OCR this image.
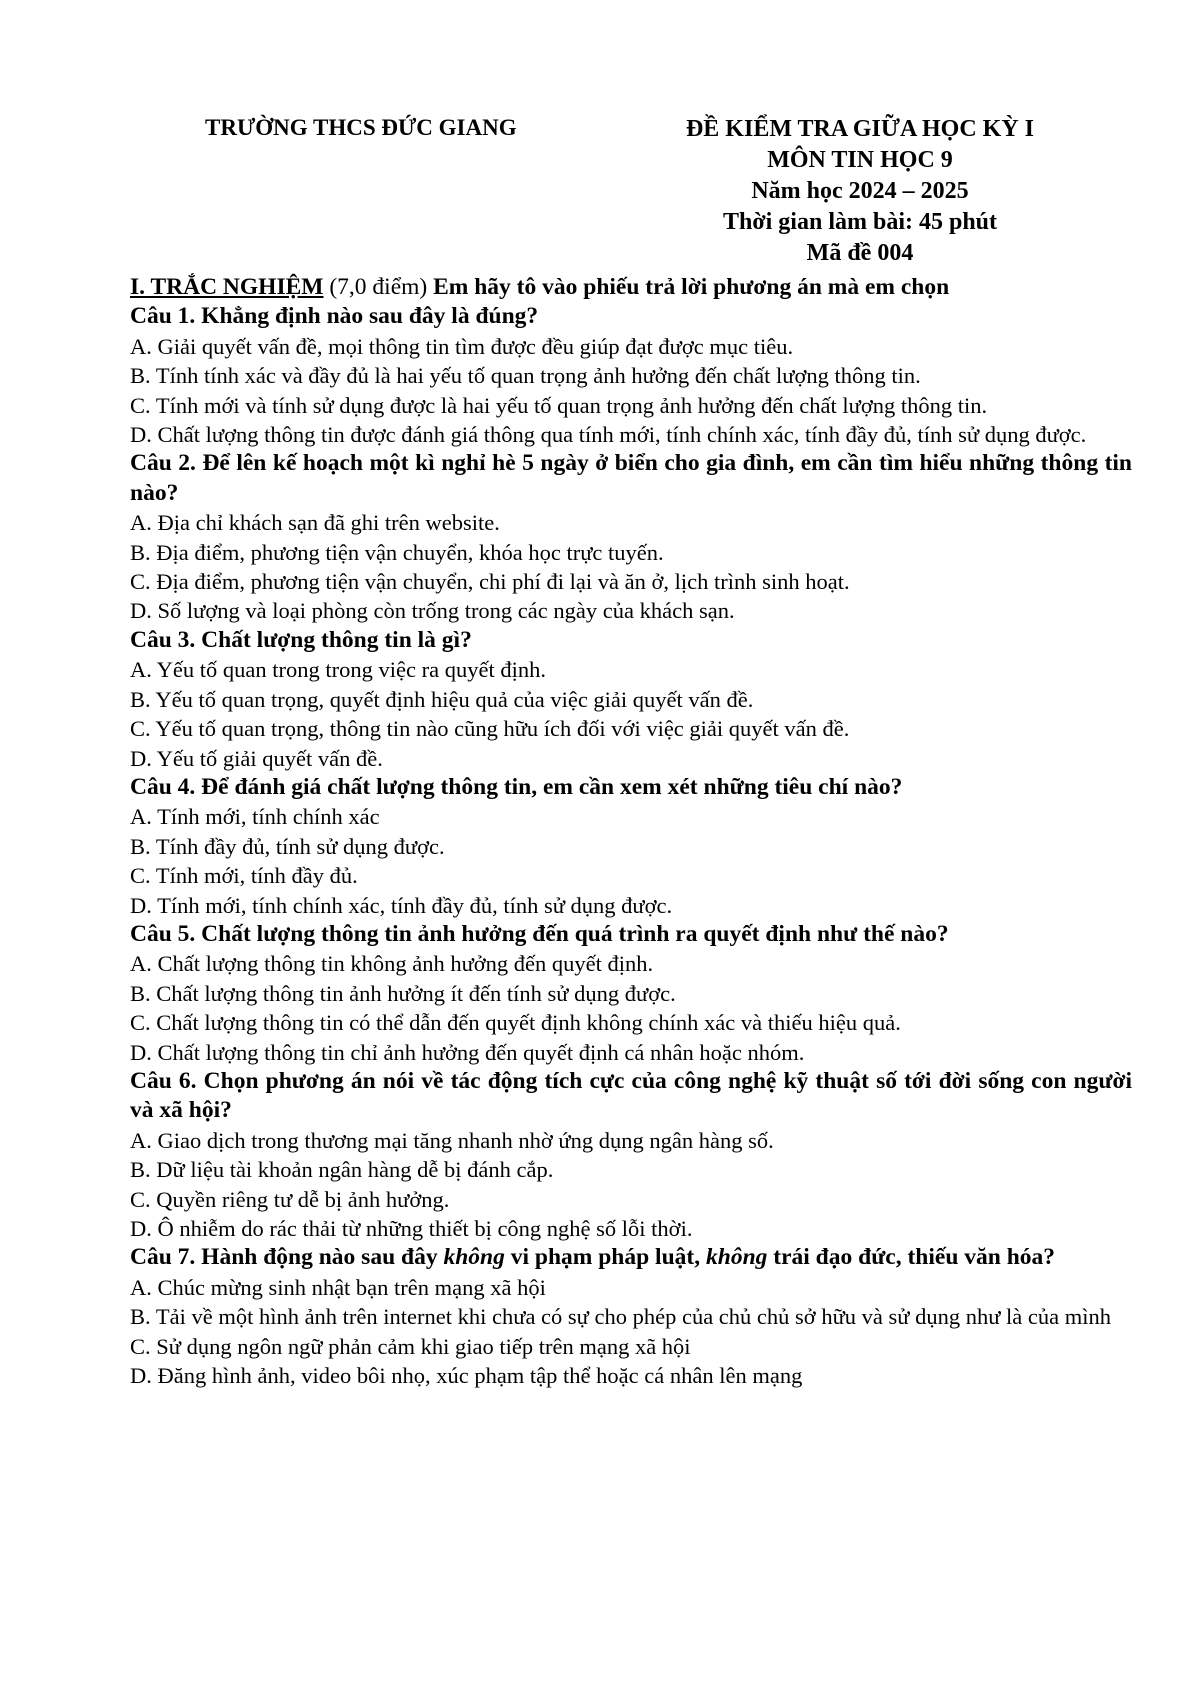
TRƯỜNG THCS ĐỨC GIANG	ĐỀ KIỂM TRA GIỮA HỌC KỲ I
MÔN TIN HỌC 9
Năm học 2024 – 2025
Thời gian làm bài: 45 phút
Mã đề 004
I. TRẮC NGHIỆM (7,0 điểm) Em hãy tô vào phiếu trả lời phương án mà em chọn
Câu 1. Khẳng định nào sau đây là đúng?
A. Giải quyết vấn đề, mọi thông tin tìm được đều giúp đạt được mục tiêu.
B. Tính tính xác và đầy đủ là hai yếu tố quan trọng ảnh hưởng đến chất lượng thông tin.
C. Tính mới và tính sử dụng được là hai yếu tố quan trọng ảnh hưởng đến chất lượng thông tin.
D. Chất lượng thông tin được đánh giá thông qua tính mới, tính chính xác, tính đầy đủ, tính sử dụng được.
Câu 2. Để lên kế hoạch một kì nghỉ hè 5 ngày ở biển cho gia đình, em cần tìm hiểu những thông tin nào?
A. Địa chỉ khách sạn đã ghi trên website.
B. Địa điểm, phương tiện vận chuyển, khóa học trực tuyến.
C. Địa điểm, phương tiện vận chuyển, chi phí đi lại và ăn ở, lịch trình sinh hoạt.
D. Số lượng và loại phòng còn trống trong các ngày của khách sạn.
Câu 3. Chất lượng thông tin là gì?
A. Yếu tố quan trong trong việc ra quyết định.
B. Yếu tố quan trọng, quyết định hiệu quả của việc giải quyết vấn đề.
C. Yếu tố quan trọng, thông tin nào cũng hữu ích đối với việc giải quyết vấn đề.
D. Yếu tố giải quyết vấn đề.
Câu 4. Để đánh giá chất lượng thông tin, em cần xem xét những tiêu chí nào?
A. Tính mới, tính chính xác
B. Tính đầy đủ, tính sử dụng được.
C. Tính mới, tính đầy đủ.
D. Tính mới, tính chính xác, tính đầy đủ, tính sử dụng được.
Câu 5. Chất lượng thông tin ảnh hưởng đến quá trình ra quyết định như thế nào?
A. Chất lượng thông tin không ảnh hưởng đến quyết định.
B. Chất lượng thông tin ảnh hưởng ít đến tính sử dụng được.
C. Chất lượng thông tin có thể dẫn đến quyết định không chính xác và thiếu hiệu quả.
D. Chất lượng thông tin chỉ ảnh hưởng đến quyết định cá nhân hoặc nhóm.
Câu 6. Chọn phương án nói về tác động tích cực của công nghệ kỹ thuật số tới đời sống con người và xã hội?
A. Giao dịch trong thương mại tăng nhanh nhờ ứng dụng ngân hàng số.
B. Dữ liệu tài khoản ngân hàng dễ bị đánh cắp.
C. Quyền riêng tư dễ bị ảnh hưởng.
D. Ô nhiễm do rác thải từ những thiết bị công nghệ số lỗi thời.
Câu 7. Hành động nào sau đây không vi phạm pháp luật, không trái đạo đức, thiếu văn hóa?
A. Chúc mừng sinh nhật bạn trên mạng xã hội
B. Tải về một hình ảnh trên internet khi chưa có sự cho phép của chủ chủ sở hữu và sử dụng như là của mình
C. Sử dụng ngôn ngữ phản cảm khi giao tiếp trên mạng xã hội
D. Đăng hình ảnh, video bôi nhọ, xúc phạm tập thể hoặc cá nhân lên mạng
